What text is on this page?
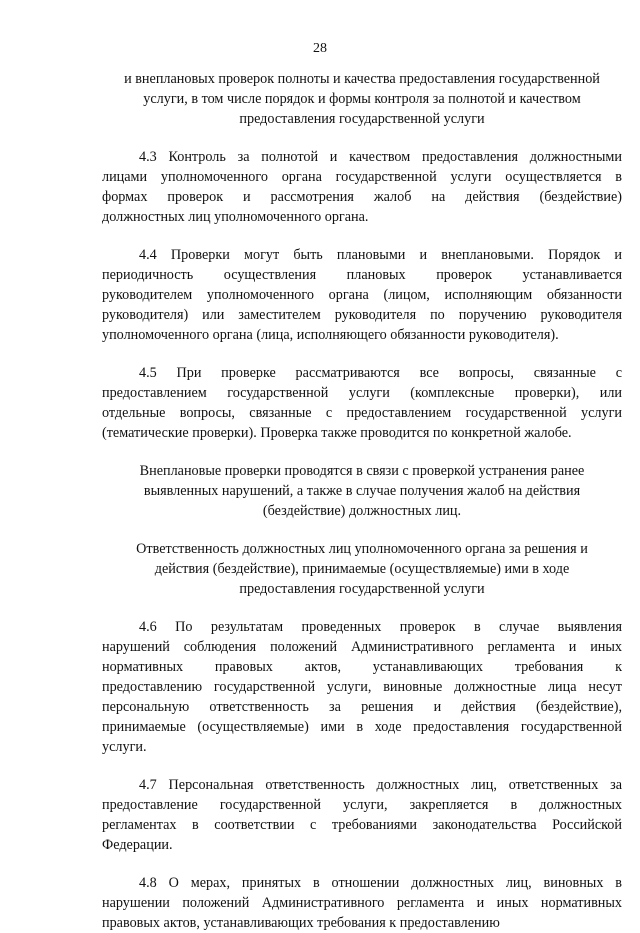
28
и внеплановых проверок полноты и качества предоставления государственной
услуги, в том числе порядок и формы контроля за полнотой и качеством
предоставления государственной услуги
4.3 Контроль за полнотой и качеством предоставления должностными
лицами уполномоченного органа государственной услуги осуществляется в
формах проверок и рассмотрения жалоб на действия (бездействие)
должностных лиц уполномоченного органа.
4.4 Проверки могут быть плановыми и внеплановыми. Порядок и
периодичность осуществления плановых проверок устанавливается
руководителем уполномоченного органа (лицом, исполняющим обязанности
руководителя) или заместителем руководителя по поручению руководителя
уполномоченного органа (лица, исполняющего обязанности руководителя).
4.5 При проверке рассматриваются все вопросы, связанные с
предоставлением государственной услуги (комплексные проверки), или
отдельные вопросы, связанные с предоставлением государственной услуги
(тематические проверки). Проверка также проводится по конкретной жалобе.
Внеплановые проверки проводятся в связи с проверкой устранения ранее
выявленных нарушений, а также в случае получения жалоб на действия
(бездействие) должностных лиц.
Ответственность должностных лиц уполномоченного органа за решения и
действия (бездействие), принимаемые (осуществляемые) ими в ходе
предоставления государственной услуги
4.6 По результатам проведенных проверок в случае выявления
нарушений соблюдения положений Административного регламента и иных
нормативных правовых актов, устанавливающих требования к
предоставлению государственной услуги, виновные должностные лица несут
персональную ответственность за решения и действия (бездействие),
принимаемые (осуществляемые) ими в ходе предоставления государственной
услуги.
4.7 Персональная ответственность должностных лиц, ответственных за
предоставление государственной услуги, закрепляется в должностных
регламентах в соответствии с требованиями законодательства Российской
Федерации.
4.8 О мерах, принятых в отношении должностных лиц, виновных в
нарушении положений Административного регламента и иных нормативных
правовых актов, устанавливающих требования к предоставлению
